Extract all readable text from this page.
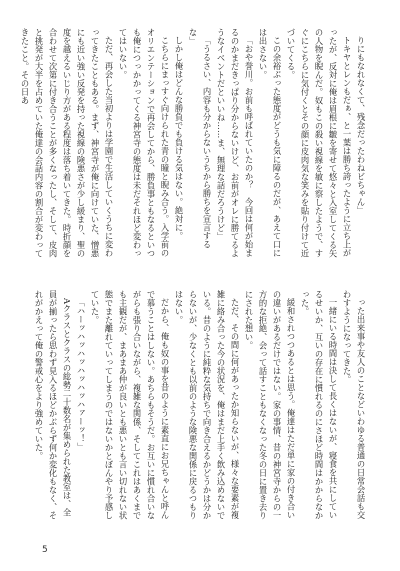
りにもなれなくて、残念だったわねビちゃん」

トキヤとレンもだぁ、と一葉は勝ち誇ったように立ち上がったが、反対に俺は眉根に皺を寄せて悠々と入室してくる矢の人物を睨んだ。奴もこの殺い視線を敏に察したようで、すぐにこちらに気付くとその顔に皮肉気な笑みを貼り付けて近づいてくる。

この余裕ぶった態度がどうも気に障るのだが、あえて口には出さない。

「おや誉川。お前も呼ばれていたのか？　今回は何が始まるのかまだきっぱり分からないけど、お前がオレに勝てるようなイベントだといいね……ま、無理な話だろうけど」

「うるさい、内容も分からないうちから勝ちを宣言するな」

しかし俺はどんな勝負でも負ける気はない。絶対に。

こちらにまっすぐ向けられた青の瞳と睨み合う。入学前のオリエンテーションで再会してから、勝負事ともなるといつも俺につっかかってくる神宮寺の態度は未だそれほど変わってはいない。

ただ、再会した当初よりは学園で生活していくうちに変わってきたこともある。まず、神宮寺が俺に向けていた、憎悪にも近い強い反発を持った視線の険悪さが少し緩まり、聖の度を越えるいじり方がある程度は落ち着いてきた。時折顔を合わせて次第に付き合うことが多くなったし、そして、皮肉と挑発が大半を占めていた俺達の会話内容の割合が変わってきたこと。その日あ

った出来事や友人のことなどいわゆる普通の日常会話も交わすようになってきた。

一緒にいる時間は決して長くはないが、寝食を共にしているせいか、互いの存在に慣れるのにさほど時間はかからなかった。

緩和されつつあるとは思う。俺達はただ単に家の付き合いの違いがあるだけではない。家の事情、昔の神宮寺からの一方的な拒絶、会って話すこともなくなった冬の日に置き去りにされた想い。

ただ、その間に何があったか知らないが、様々な要素が複雑に絡み合った今の状況を、俺はまだ上手く飲み込めないでいる。昔のように純粋な気持ちで向き合えるかどうかは分からないが、少なくとも以前のような険悪な関係に戻るつもりはない。

だから、俺も奴の事を昔のように素直にお兄ちゃんと呼んで慕うことはしない。あちらもそうだ。お互いに慣れ合いながらも張り合いながら、複雑な関係、そしてこれはあくまでも主観だが、まあまあ仲が良いとも悪いとも言い切れない状態でまた離れていってしまうのではないかとぼんやり予感していた。

「ハーッハッハッハッハッハァーッ！」

Aクラスとクラスの総勢二十数名が集められた教室は、全員が揃ったら思わず見入るほどかぶらず何か変化もなく、それがかえって俺の警戒心をより強めていた。

5
